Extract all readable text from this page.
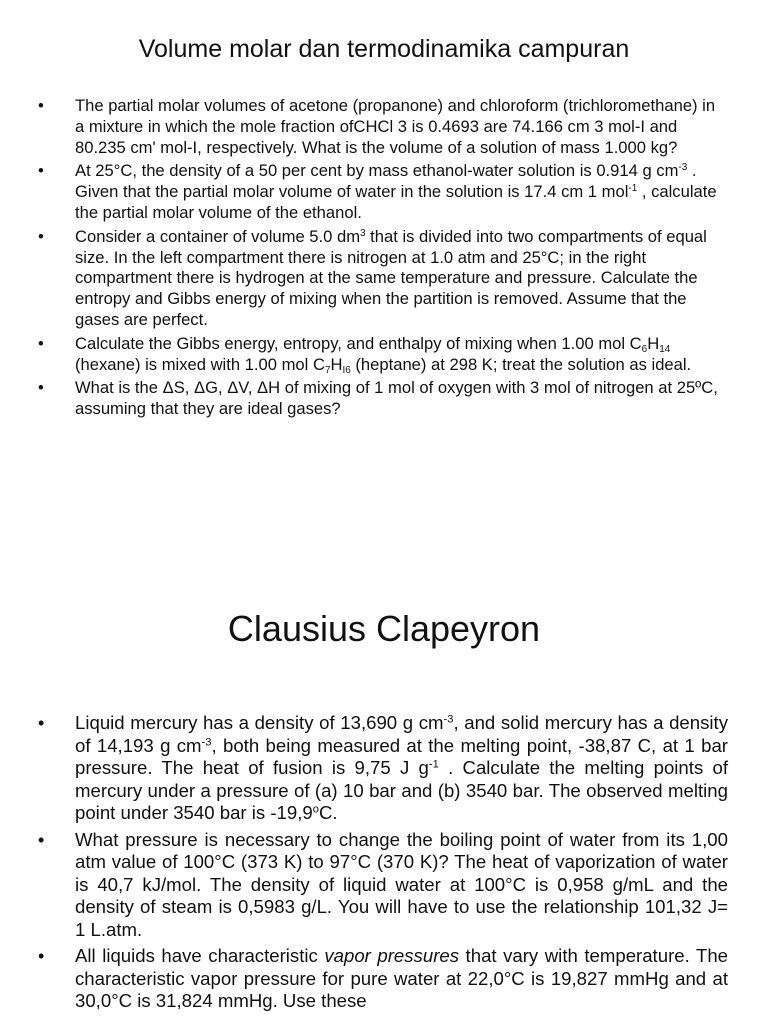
Volume molar dan termodinamika campuran
• The partial molar volumes of acetone (propanone) and chloroform (trichloromethane) in a mixture in which the mole fraction ofCHCl 3 is 0.4693 are 74.166 cm 3 mol-I and 80.235 cm' mol-I, respectively. What is the volume of a solution of mass 1.000 kg?
• At 25°C, the density of a 50 per cent by mass ethanol-water solution is 0.914 g $cm^{-3}$ . Given that the partial molar volume of water in the solution is 17.4 cm 1 mol$^{-1}$ , calculate the partial molar volume of the ethanol.
• Consider a container of volume 5.0 $dm^3$ that is divided into two compartments of equal size. In the left compartment there is nitrogen at 1.0 atm and 25°C; in the right compartment there is hydrogen at the same temperature and pressure. Calculate the entropy and Gibbs energy of mixing when the partition is removed. Assume that the gases are perfect.
• Calculate the Gibbs energy, entropy, and enthalpy of mixing when 1.00 mol $C_6H_{14}$ (hexane) is mixed with 1.00 mol $C_7H_{I6}$ (heptane) at 298 K; treat the solution as ideal.
• What is the ΔS, ΔG, ΔV, ΔH of mixing of 1 mol of oxygen with 3 mol of nitrogen at 25ºC, assuming that they are ideal gases?
Clausius Clapeyron
• Liquid mercury has a density of 13,690 g $cm^{-3}$, and solid mercury has a density of 14,193 g $cm^{-3}$, both being measured at the melting point, -38,87 C, at 1 bar pressure. The heat of fusion is 9,75 J $g^{-1}$ . Calculate the melting points of mercury under a pressure of (a) 10 bar and (b) 3540 bar. The observed melting point under 3540 bar is -19,9$^o$C.
• What pressure is necessary to change the boiling point of water from its 1,00 atm value of 100°C (373 K) to 97°C (370 K)? The heat of vaporization of water is 40,7 kJ/mol. The density of liquid water at 100°C is 0,958 g/mL and the density of steam is 0,5983 g/L. You will have to use the relationship 101,32 J= 1 L.atm.
• All liquids have characteristic vapor pressures that vary with temperature. The characteristic vapor pressure for pure water at 22,0°C is 19,827 mmHg and at 30,0°C is 31,824 mmHg. Use these
